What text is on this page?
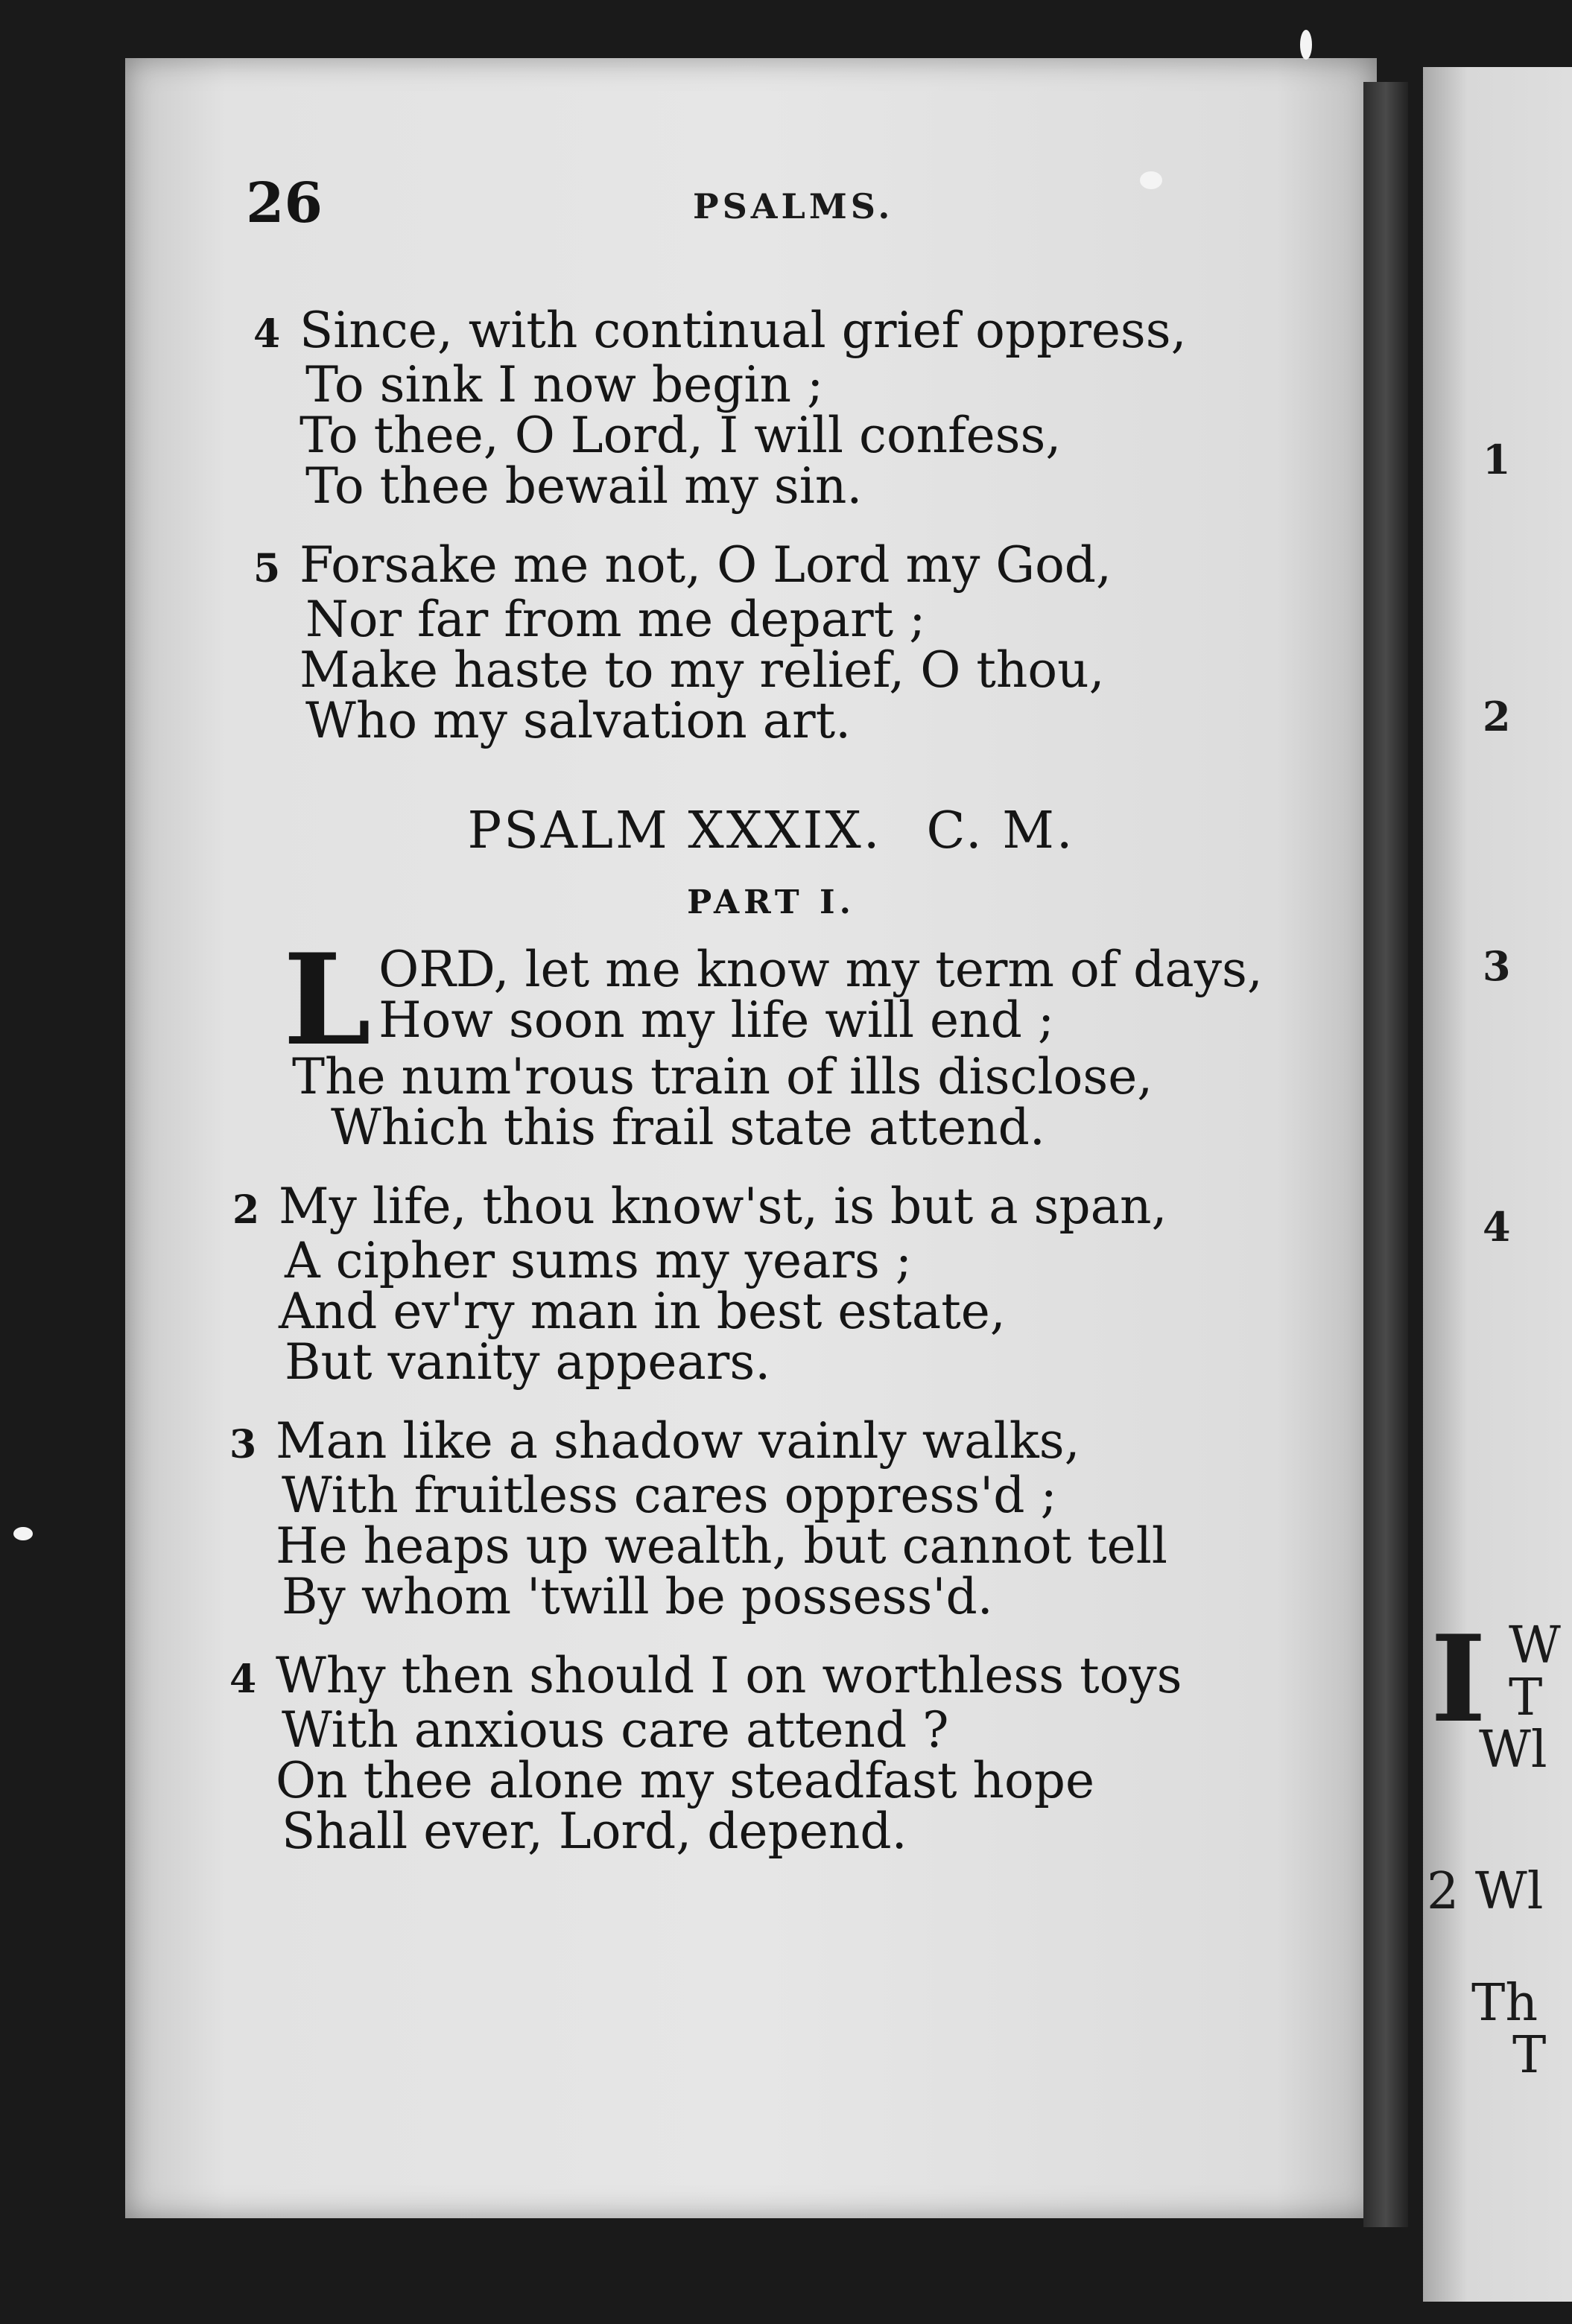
26	PSALMS.
4 Since, with continual grief oppress,
To sink I now begin ;
To thee, O Lord, I will confess,
To thee bewail my sin.
5 Forsake me not, O Lord my God,
Nor far from me depart ;
Make haste to my relief, O thou,
Who my salvation art.
PSALM XXXIX. C. M.
PART I.
L ORD, let me know my term of days,
How soon my life will end ;
The num'rous train of ills disclose,
Which this frail state attend.
2 My life, thou know'st, is but a span,
A cipher sums my years ;
And ev'ry man in best estate,
But vanity appears.
3 Man like a shadow vainly walks,
With fruitless cares oppress'd ;
He heaps up wealth, but cannot tell
By whom 'twill be possess'd.
4 Why then should I on worthless toys
With anxious care attend ?
On thee alone my steadfast hope
Shall ever, Lord, depend.
1
2
3
4
I W
T
Wl
2 Wl
Th
T
